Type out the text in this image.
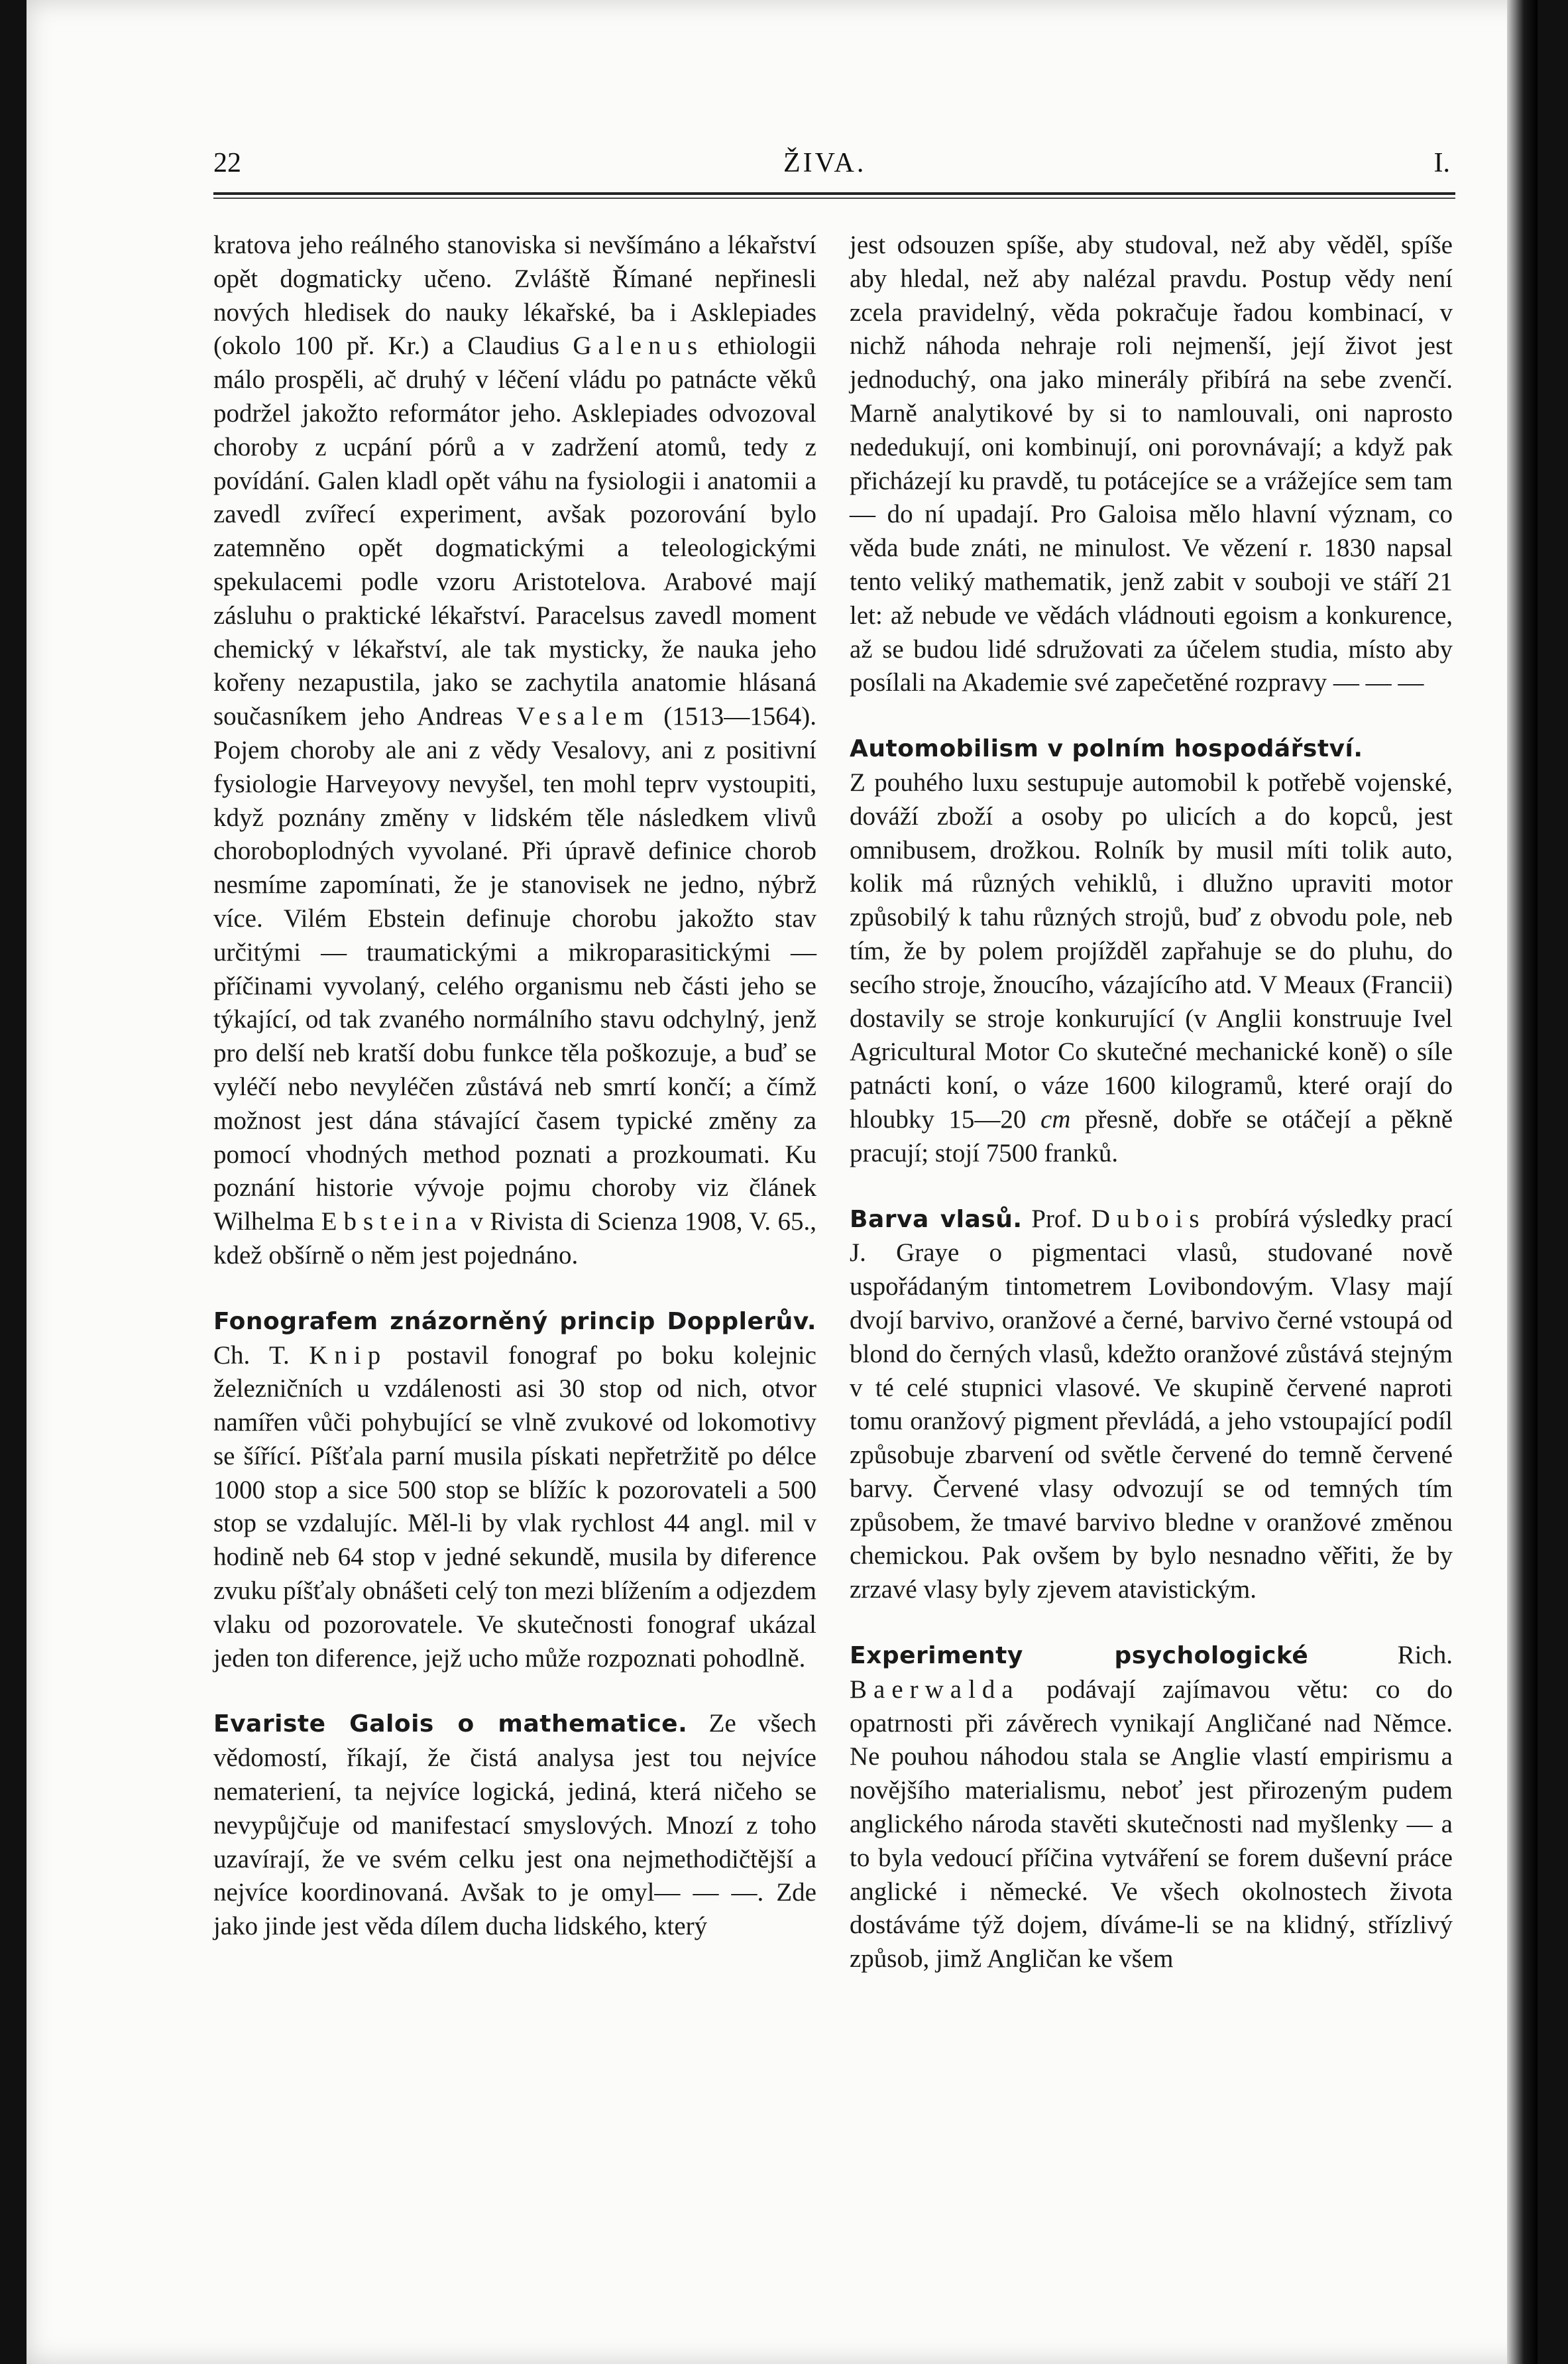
22	ŽIVA.	I.

kratova jeho reálného stanoviska si nevšímáno a lékařství opět dogmaticky učeno. Zvláště Římané nepřinesli nových hledisek do nauky lékařské, ba i Asklepiades (okolo 100 př. Kr.) a Claudius Galenus ethiologii málo prospěli, ač druhý v léčení vládu po patnácte věků podržel jakožto reformátor jeho. Asklepiades odvozoval choroby z ucpání pórů a v zadržení atomů, tedy z povídání. Galen kladl opět váhu na fysiologii i anatomii a zavedl zvířecí experiment, avšak pozorování bylo zatemněno opět dogmatickými a teleologickými spekulacemi podle vzoru Aristotelova. Arabové mají zásluhu o praktické lékařství. Paracelsus zavedl moment chemický v lékařství, ale tak mysticky, že nauka jeho kořeny nezapustila, jako se zachytila anatomie hlásaná současníkem jeho Andreas Vesalem (1513—1564). Pojem choroby ale ani z vědy Vesalovy, ani z positivní fysiologie Harveyovy nevyšel, ten mohl teprv vystoupiti, když poznány změny v lidském těle následkem vlivů choroboplodných vyvolané. Při úpravě definice chorob nesmíme zapomínati, že je stanovisek ne jedno, nýbrž více. Vilém Ebstein definuje chorobu jakožto stav určitými — traumatickými a mikroparasitickými — příčinami vyvolaný, celého organismu neb části jeho se týkající, od tak zvaného normálního stavu odchylný, jenž pro delší neb kratší dobu funkce těla poškozuje, a buď se vyléčí nebo nevyléčen zůstává neb smrtí končí; a čímž možnost jest dána stávající časem typické změny za pomocí vhodných method poznati a prozkoumati. Ku poznání historie vývoje pojmu choroby viz článek Wilhelma Ebsteina v Rivista di Scienza 1908, V. 65., kdež obšírně o něm jest pojednáno.

Fonografem znázorněný princip Dopplerův. Ch. T. Knip postavil fonograf po boku kolejnic železničních u vzdálenosti asi 30 stop od nich, otvor namířen vůči pohybující se vlně zvukové od lokomotivy se šířící. Píšťala parní musila pískati nepřetržitě po délce 1000 stop a sice 500 stop se blížíc k pozorovateli a 500 stop se vzdalujíc. Měl-li by vlak rychlost 44 angl. mil v hodině neb 64 stop v jedné sekundě, musila by diference zvuku píšťaly obnášeti celý ton mezi blížením a odjezdem vlaku od pozorovatele. Ve skutečnosti fonograf ukázal jeden ton diference, jejž ucho může rozpoznati pohodlně.

Evariste Galois o mathematice. Ze všech vědomostí, říkají, že čistá analysa jest tou nejvíce nemateriení, ta nejvíce logická, jediná, která ničeho se nevypůjčuje od manifestací smyslových. Mnozí z toho uzavírají, že ve svém celku jest ona nejmethodičtější a nejvíce koordinovaná. Avšak to je omyl— — —. Zde jako jinde jest věda dílem ducha lidského, který

jest odsouzen spíše, aby studoval, než aby věděl, spíše aby hledal, než aby nalézal pravdu. Postup vědy není zcela pravidelný, věda pokračuje řadou kombinací, v nichž náhoda nehraje roli nejmenší, její život jest jednoduchý, ona jako minerály přibírá na sebe zvenčí. Marně analytikové by si to namlouvali, oni naprosto nededukují, oni kombinují, oni porovnávají; a když pak přicházejí ku pravdě, tu potácejíce se a vrážejíce sem tam — do ní upadají. Pro Galoisa mělo hlavní význam, co věda bude znáti, ne minulost. Ve vězení r. 1830 napsal tento veliký mathematik, jenž zabit v souboji ve stáří 21 let: až nebude ve vědách vládnouti egoism a konkurence, až se budou lidé sdružovati za účelem studia, místo aby posílali na Akademie své zapečetěné rozpravy — — —

Automobilism v polním hospodářství.
Z pouhého luxu sestupuje automobil k potřebě vojenské, dováží zboží a osoby po ulicích a do kopců, jest omnibusem, drožkou. Rolník by musil míti tolik auto, kolik má různých vehiklů, i dlužno upraviti motor způsobilý k tahu různých strojů, buď z obvodu pole, neb tím, že by polem projížděl zapřahuje se do pluhu, do secího stroje, žnoucího, vázajícího atd. V Meaux (Francii) dostavily se stroje konkurující (v Anglii konstruuje Ivel Agricultural Motor Co skutečné mechanické koně) o síle patnácti koní, o váze 1600 kilogramů, které orají do hloubky 15—20 cm přesně, dobře se otáčejí a pěkně pracují; stojí 7500 franků.

Barva vlasů. Prof. Dubois probírá výsledky prací J. Graye o pigmentaci vlasů, studované nově uspořádaným tintometrem Lovibondovým. Vlasy mají dvojí barvivo, oranžové a černé, barvivo černé vstoupá od blond do černých vlasů, kdežto oranžové zůstává stejným v té celé stupnici vlasové. Ve skupině červené naproti tomu oranžový pigment převládá, a jeho vstoupající podíl způsobuje zbarvení od světle červené do temně červené barvy. Červené vlasy odvozují se od temných tím způsobem, že tmavé barvivo bledne v oranžové změnou chemickou. Pak ovšem by bylo nesnadno věřiti, že by zrzavé vlasy byly zjevem atavistickým.

Experimenty psychologické	Rich. Baerwalda podávají zajímavou větu: co do opatrnosti při závěrech vynikají Angličané nad Němce. Ne pouhou náhodou stala se Anglie vlastí empirismu a novějšího materialismu, neboť jest přirozeným pudem anglického národa stavěti skutečnosti nad myšlenky — a to byla vedoucí příčina vytváření se forem duševní práce anglické i německé. Ve všech okolnostech života dostáváme týž dojem, díváme-li se na klidný, střízlivý způsob, jimž Angličan ke všem
